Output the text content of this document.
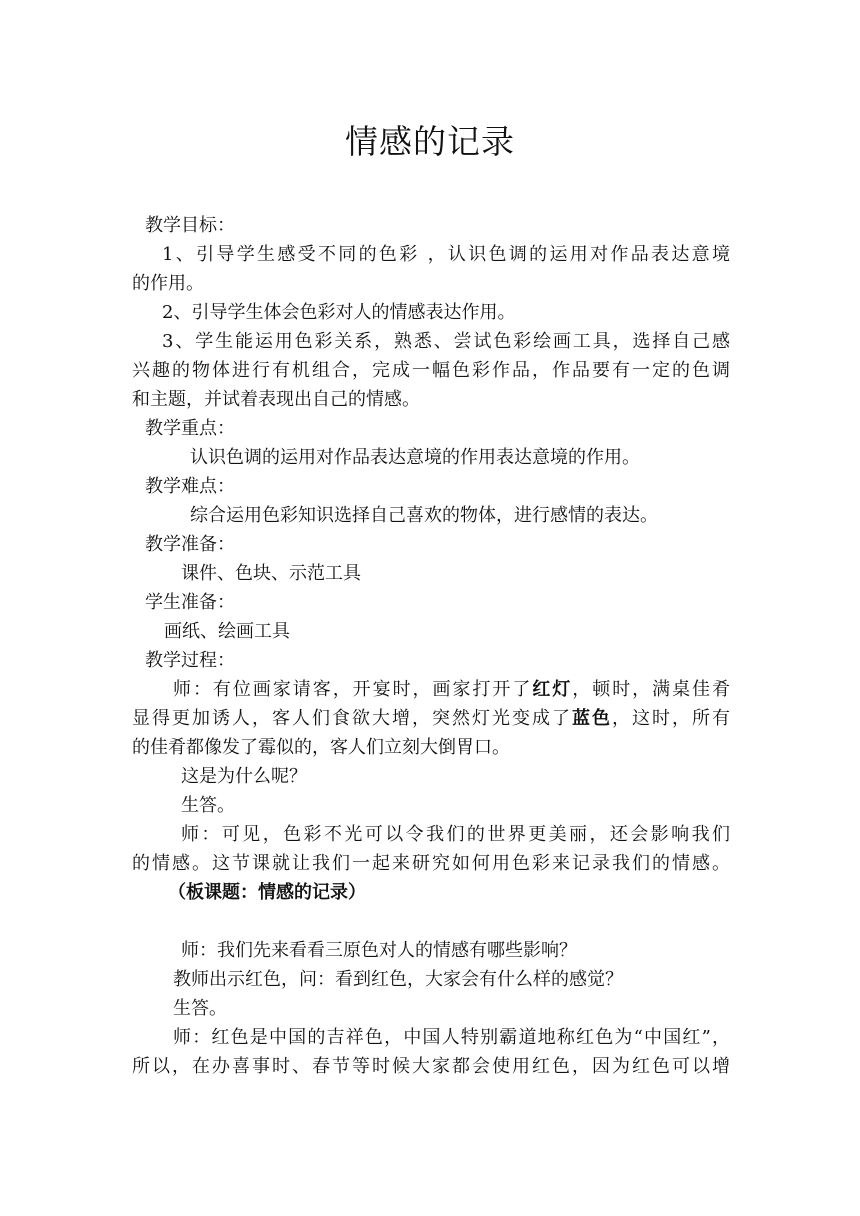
情感的记录
教学目标：
1、引导学生感受不同的色彩 ，认识色调的运用对作品表达意境
的作用。
2、引导学生体会色彩对人的情感表达作用。
3、学生能运用色彩关系，熟悉、尝试色彩绘画工具，选择自己感
兴趣的物体进行有机组合，完成一幅色彩作品，作品要有一定的色调
和主题，并试着表现出自己的情感。
教学重点：
认识色调的运用对作品表达意境的作用表达意境的作用。
教学难点：
综合运用色彩知识选择自己喜欢的物体，进行感情的表达。
教学准备：
课件、色块、示范工具
学生准备：
画纸、绘画工具
教学过程：
师：有位画家请客，开宴时，画家打开了红灯，顿时，满桌佳肴
显得更加诱人，客人们食欲大增，突然灯光变成了蓝色，这时，所有
的佳肴都像发了霉似的，客人们立刻大倒胃口。
这是为什么呢？
生答。
师：可见，色彩不光可以令我们的世界更美丽，还会影响我们
的情感。这节课就让我们一起来研究如何用色彩来记录我们的情感。
（板课题：情感的记录）
师：我们先来看看三原色对人的情感有哪些影响？
教师出示红色，问：看到红色，大家会有什么样的感觉？
生答。
师：红色是中国的吉祥色，中国人特别霸道地称红色为“中国红”，
所以，在办喜事时、春节等时候大家都会使用红色，因为红色可以增
